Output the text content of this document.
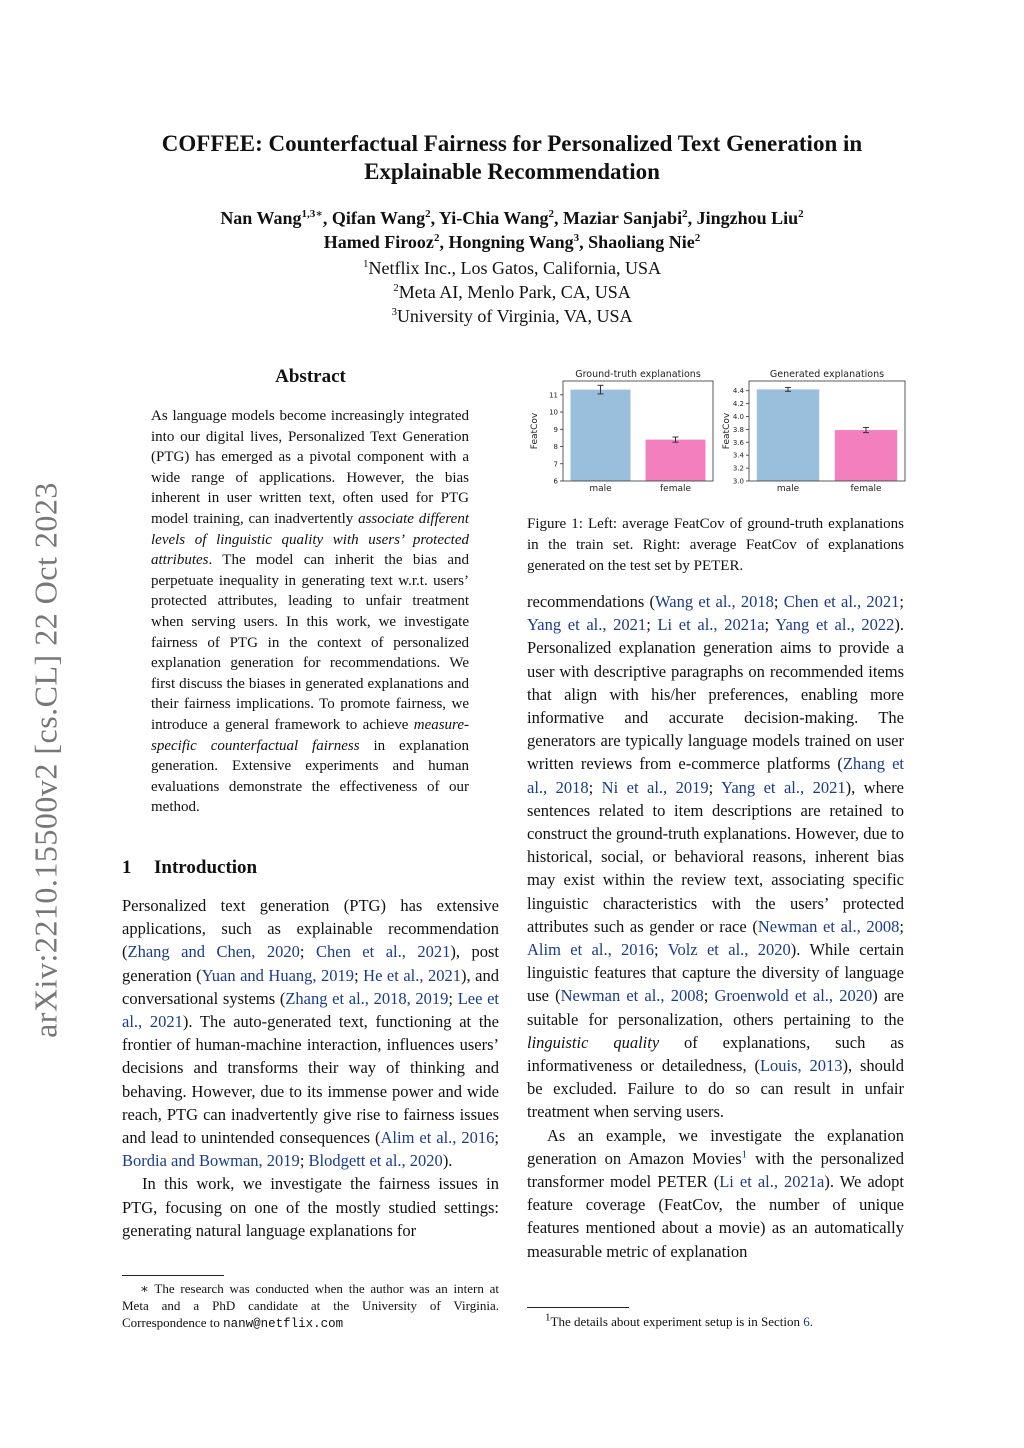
arXiv:2210.15500v2 [cs.CL] 22 Oct 2023
COFFEE: Counterfactual Fairness for Personalized Text Generation in
Explainable Recommendation
Nan Wang$^{1,3∗}$, Qifan Wang$^2$, Yi-Chia Wang$^2$, Maziar Sanjabi$^2$, Jingzhou Liu$^2$
Hamed Firooz$^2$, Hongning Wang$^3$, Shaoliang Nie$^2$
$^1$Netflix Inc., Los Gatos, California, USA
$^2$Meta AI, Menlo Park, CA, USA
$^3$University of Virginia, VA, USA
Abstract
As language models become increasingly integrated into our digital lives, Personalized Text Generation (PTG) has emerged as a pivotal component with a wide range of applications. However, the bias inherent in user written text, often used for PTG model training, can inadvertently associate different levels of linguistic quality with users’ protected attributes. The model can inherit the bias and perpetuate inequality in generating text w.r.t. users’ protected attributes, leading to unfair treatment when serving users. In this work, we investigate fairness of PTG in the context of personalized explanation generation for recommendations. We first discuss the biases in generated explanations and their fairness implications. To promote fairness, we introduce a general framework to achieve measure-specific counterfactual fairness in explanation generation. Extensive experiments and human evaluations demonstrate the effectiveness of our method.
1 Introduction

Personalized text generation (PTG) has extensive applications, such as explainable recommendation (Zhang and Chen, 2020; Chen et al., 2021), post generation (Yuan and Huang, 2019; He et al., 2021), and conversational systems (Zhang et al., 2018, 2019; Lee et al., 2021). The auto-generated text, functioning at the frontier of human-machine interaction, influences users’ decisions and transforms their way of thinking and behaving. However, due to its immense power and wide reach, PTG can inadvertently give rise to fairness issues and lead to unintended consequences (Alim et al., 2016; Bordia and Bowman, 2019; Blodgett et al., 2020).

In this work, we investigate the fairness issues in PTG, focusing on one of the mostly studied settings: generating natural language explanations for

∗ The research was conducted when the author was an intern at Meta and a PhD candidate at the University of Virginia. Correspondence to nanw@netflix.com
Ground-truth explanations
FeatCov
male	female
6
7
8
9
10
11
Generated explanations
FeatCov
male	female
3.0
3.2
3.4
3.6
3.8
4.0
4.2
4.4
Figure 1: Left: average FeatCov of ground-truth explanations in the train set. Right: average FeatCov of explanations generated on the test set by PETER.

recommendations (Wang et al., 2018; Chen et al., 2021; Yang et al., 2021; Li et al., 2021a; Yang et al., 2022). Personalized explanation generation aims to provide a user with descriptive paragraphs on recommended items that align with his/her preferences, enabling more informative and accurate decision-making. The generators are typically language models trained on user written reviews from e-commerce platforms (Zhang et al., 2018; Ni et al., 2019; Yang et al., 2021), where sentences related to item descriptions are retained to construct the ground-truth explanations. However, due to historical, social, or behavioral reasons, inherent bias may exist within the review text, associating specific linguistic characteristics with the users’ protected attributes such as gender or race (Newman et al., 2008; Alim et al., 2016; Volz et al., 2020). While certain linguistic features that capture the diversity of language use (Newman et al., 2008; Groenwold et al., 2020) are suitable for personalization, others pertaining to the linguistic quality of explanations, such as informativeness or detailedness, (Louis, 2013), should be excluded. Failure to do so can result in unfair treatment when serving users.

As an example, we investigate the explanation generation on Amazon Movies$^1$ with the personalized transformer model PETER (Li et al., 2021a). We adopt feature coverage (FeatCov, the number of unique features mentioned about a movie) as an automatically measurable metric of explanation

$^1$The details about experiment setup is in Section 6.
